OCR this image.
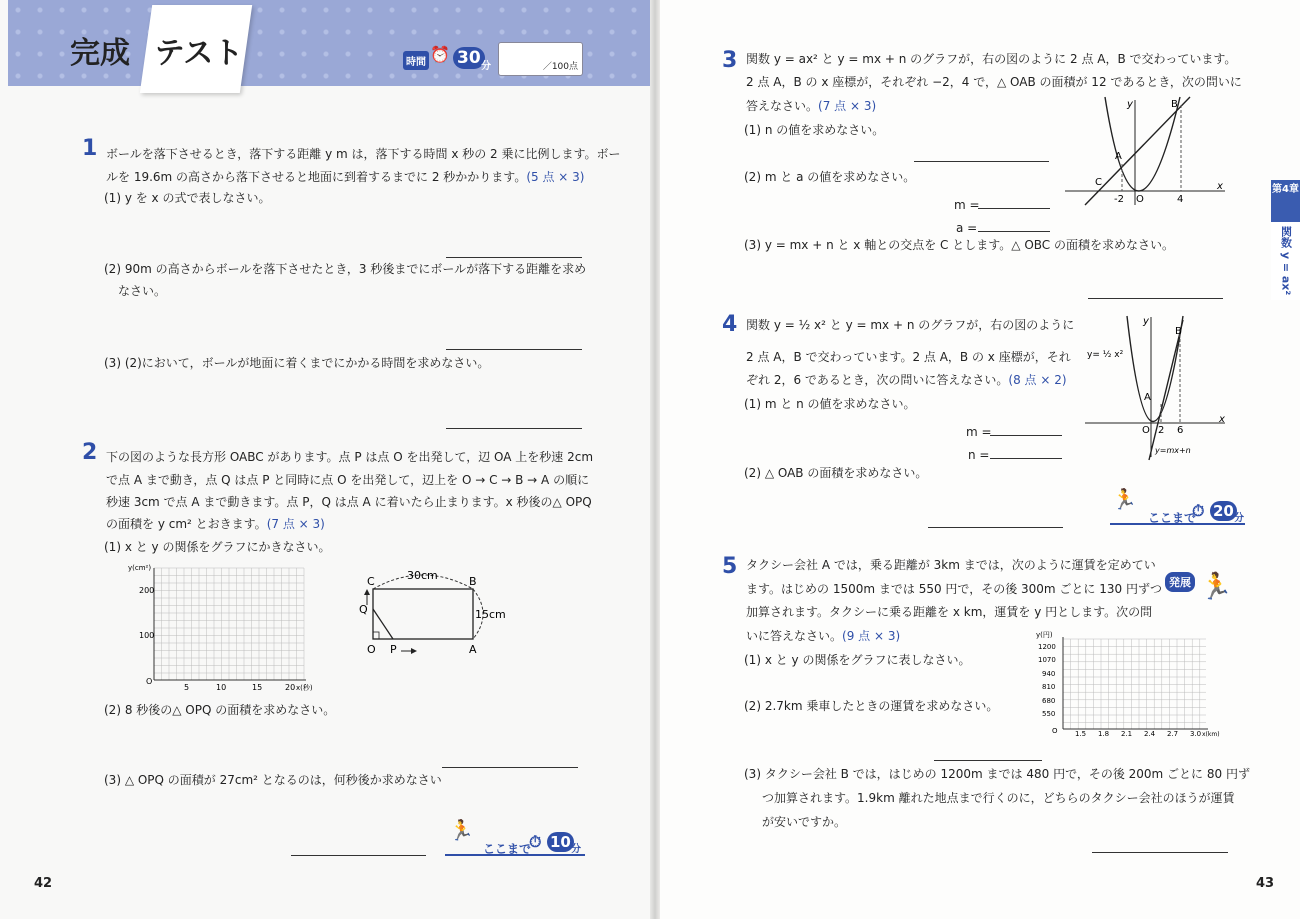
完成 テスト	時間 ⏰ 30 分	／100点
1 ボールを落下させるとき，落下する距離 y m は，落下する時間 x 秒の 2 乗に比例します。ボー
ルを 19.6m の高さから落下させると地面に到着するまでに 2 秒かかります。(5 点 × 3)
(1) y を x の式で表しなさい。
(2) 90m の高さからボールを落下させたとき，3 秒後までにボールが落下する距離を求め
なさい。
(3) (2)において，ボールが地面に着くまでにかかる時間を求めなさい。
2 下の図のような長方形 OABC があります。点 P は点 O を出発して，辺 OA 上を秒速 2cm
で点 A まで動き，点 Q は点 P と同時に点 O を出発して，辺上を O → C → B → A の順に
秒速 3cm で点 A まで動きます。点 P，Q は点 A に着いたら止まります。x 秒後の△ OPQ
の面積を y cm² とおきます。(7 点 × 3)
(1) x と y の関係をグラフにかきなさい。
y(cm²)
200
100
O
5	10	15	20 x(秒)
30cm
15cm
C	B
O	A
P
Q
(2) 8 秒後の△ OPQ の面積を求めなさい。
(3) △ OPQ の面積が 27cm² となるのは，何秒後か求めなさい
🏃
ここまで
⏱ 10 分
42
3 関数 y = ax² と y = mx + n のグラフが，右の図のように 2 点 A，B で交わっています。
2 点 A，B の x 座標が，それぞれ −2，4 で，△ OAB の面積が 12 であるとき，次の問いに
答えなさい。(7 点 × 3)
(1) n の値を求めなさい。
(2) m と a の値を求めなさい。
m =
a =
(3) y = mx + n と x 軸との交点を C とします。△ OBC の面積を求めなさい。
y
x
B
A
C
O
-2	4
4 関数 y = ½ x² と y = mx + n のグラフが，右の図のように
2 点 A，B で交わっています。2 点 A，B の x 座標が，それ
ぞれ 2，6 であるとき，次の問いに答えなさい。(8 点 × 2)
(1) m と n の値を求めなさい。
m =
n =
(2) △ OAB の面積を求めなさい。
y
x
B
A
O 2 6
y= ½ x²
y=mx+n
🏃
ここまで
⏱ 20 分
5 タクシー会社 A では，乗る距離が 3km までは，次のように運賃を定めてい
ます。はじめの 1500m までは 550 円で，その後 300m ごとに 130 円ずつ
加算されます。タクシーに乗る距離を x km，運賃を y 円とします。次の問
いに答えなさい。(9 点 × 3)
発展 🏃
(1) x と y の関係をグラフに表しなさい。
(2) 2.7km 乗車したときの運賃を求めなさい。
(3) タクシー会社 B では，はじめの 1200m までは 480 円で，その後 200m ごとに 80 円ず
つ加算されます。1.9km 離れた地点まで行くのに，どちらのタクシー会社のほうが運賃
が安いですか。
y(円)
1200
1070
940
810
680
550
O 1.5 1.8 2.1 2.4 2.7 3.0 x(km)
第4章
関数 y = ax²
43
